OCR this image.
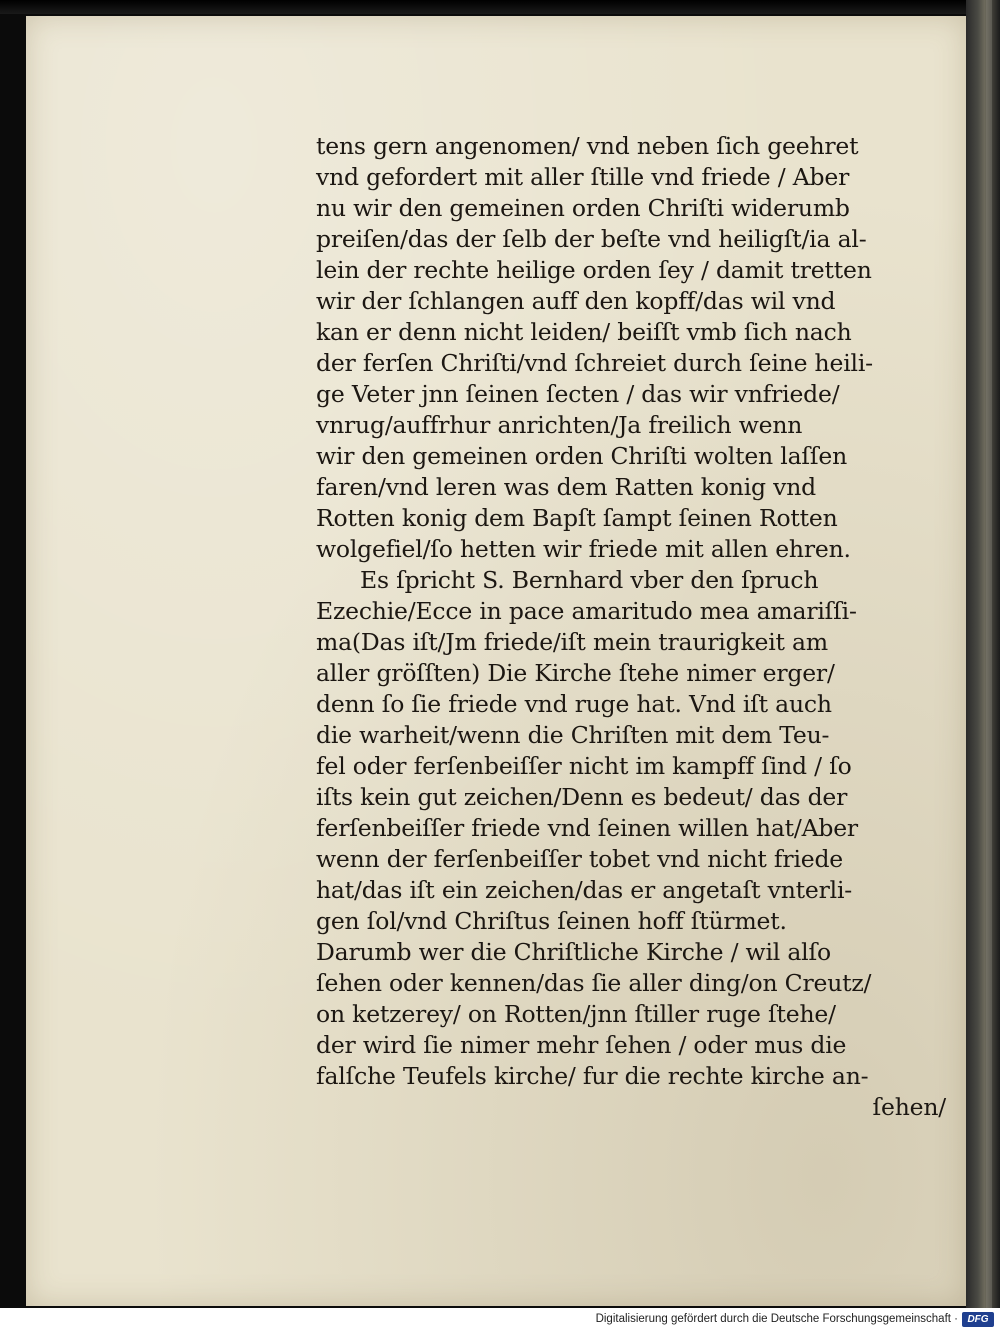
tens gern angenomen/ vnd neben ſich geehret
vnd gefordert mit aller ſtille vnd friede / Aber
nu wir den gemeinen orden Chriſti widerumb
preiſen/das der ſelb der beſte vnd heiligſt/ia al-
lein der rechte heilige orden ſey / damit tretten
wir der ſchlangen auff den kopff/das wil vnd
kan er denn nicht leiden/ beiſſt vmb ſich nach
der ferſen Chriſti/vnd ſchreiet durch ſeine heili-
ge Veter jnn ſeinen ſecten / das wir vnfriede/
vnrug/auffrhur anrichten/Ja freilich wenn
wir den gemeinen orden Chriſti wolten laſſen
faren/vnd leren was dem Ratten konig vnd
Rotten konig dem Bapſt ſampt ſeinen Rotten
wolgefiel/ſo hetten wir friede mit allen ehren.
Es ſpricht S. Bernhard vber den ſpruch
Ezechie/Ecce in pace amaritudo mea amariſſi-
ma(Das iſt/Jm friede/iſt mein traurigkeit am
aller gröſſten) Die Kirche ſtehe nimer erger/
denn ſo ſie friede vnd ruge hat. Vnd iſt auch
die warheit/wenn die Chriſten mit dem Teu-
fel oder ferſenbeiſſer nicht im kampff ſind / ſo
iſts kein gut zeichen/Denn es bedeut/ das der
ferſenbeiſſer friede vnd ſeinen willen hat/Aber
wenn der ferſenbeiſſer tobet vnd nicht friede
hat/das iſt ein zeichen/das er angetaſt vnterli-
gen ſol/vnd Chriſtus ſeinen hoff ſtürmet.
Darumb wer die Chriſtliche Kirche / wil alſo
ſehen oder kennen/das ſie aller ding/on Creutz/
on ketzerey/ on Rotten/jnn ſtiller ruge ſtehe/
der wird ſie nimer mehr ſehen / oder mus die
falſche Teufels kirche/ fur die rechte kirche an-
ſehen/
Digitalisierung gefördert durch die Deutsche Forschungsgemeinschaft · DFG
